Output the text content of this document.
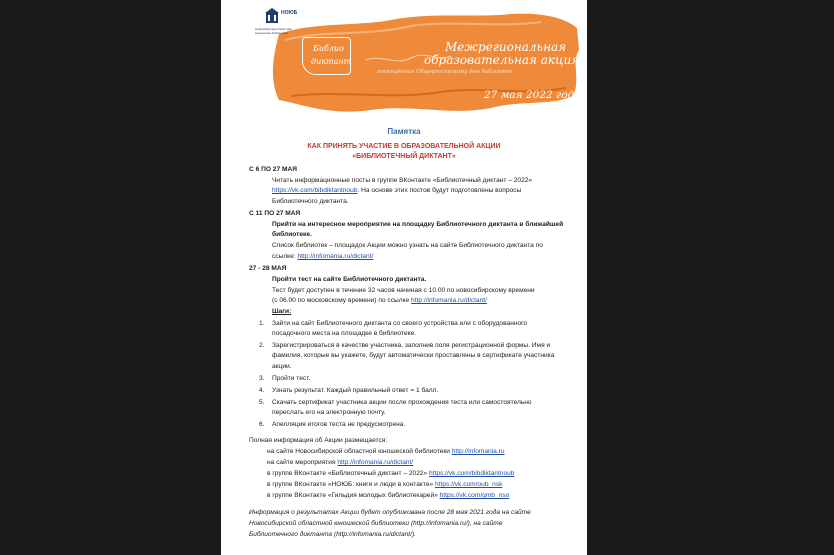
НОЮБ
Новосибирская областная юношеская библиотека
Библио
диктант
Межрегиональная
образовательная акция,
посвящённая Общероссийскому дню библиотек
27 мая 2022 года
Памятка
КАК ПРИНЯТЬ УЧАСТИЕ В ОБРАЗОВАТЕЛЬНОЙ АКЦИИ
«БИБЛИОТЕЧНЫЙ ДИКТАНТ»
С 6 ПО 27 МАЯ
Читать информационные посты в группе ВКонтакте «Библиотечный диктант – 2022»
https://vk.com/bibdiktantnoub. На основе этих постов будут подготовлены вопросы
Библиотечного диктанта.
С 11 ПО 27 МАЯ
Прийти на интересное мероприятие на площадку Библиотечного диктанта в ближайшей
библиотеке.
Список библиотек – площадок Акции можно узнать на сайте Библиотечного диктанта по
ссылке: http://infomania.ru/dictant/
27 - 28 МАЯ
Пройти тест на сайте Библиотечного диктанта.
Тест будет доступен в течение 32 часов начиная с 10.00 по новосибирскому времени
(с 06.00 по московскому времени) по ссылке http://infomania.ru/dictant/
Шаги:
1. Зайти на сайт Библиотечного диктанта со своего устройства или с оборудованного
посадочного места на площадке в библиотеке.
2. Зарегистрироваться в качестве участника, заполнив поля регистрационной формы. Имя и
фамилия, которые вы укажете, будут автоматически проставлены в сертификате участника
акции.
3. Пройти тест.
4. Узнать результат. Каждый правильный ответ = 1 балл.
5. Скачать сертификат участника акции после прохождения теста или самостоятельно
переслать его на электронную почту.
6. Апелляция итогов теста не предусмотрена.
Полная информация об Акции размещается:
на сайте Новосибирской областной юношеской библиотеки http://infomania.ru
на сайте мероприятия http://infomania.ru/dictant/
в группе ВКонтакте «Библиотечный диктант – 2022» https://vk.com/bibdiktantnoub
в группе ВКонтакте «НОЮБ: книги и люди в контакте» https://vk.com/oub_nsk
в группе ВКонтакте «Гильдия молодых библиотекарей» https://vk.com/gmb_nso
Информация о результатах Акции будет опубликована после 28 мая 2021 года на сайте
Новосибирской областной юношеской библиотеки (http://infomania.ru/), на сайте
Библиотечного диктанта (http://infomania.ru/dictant/).
